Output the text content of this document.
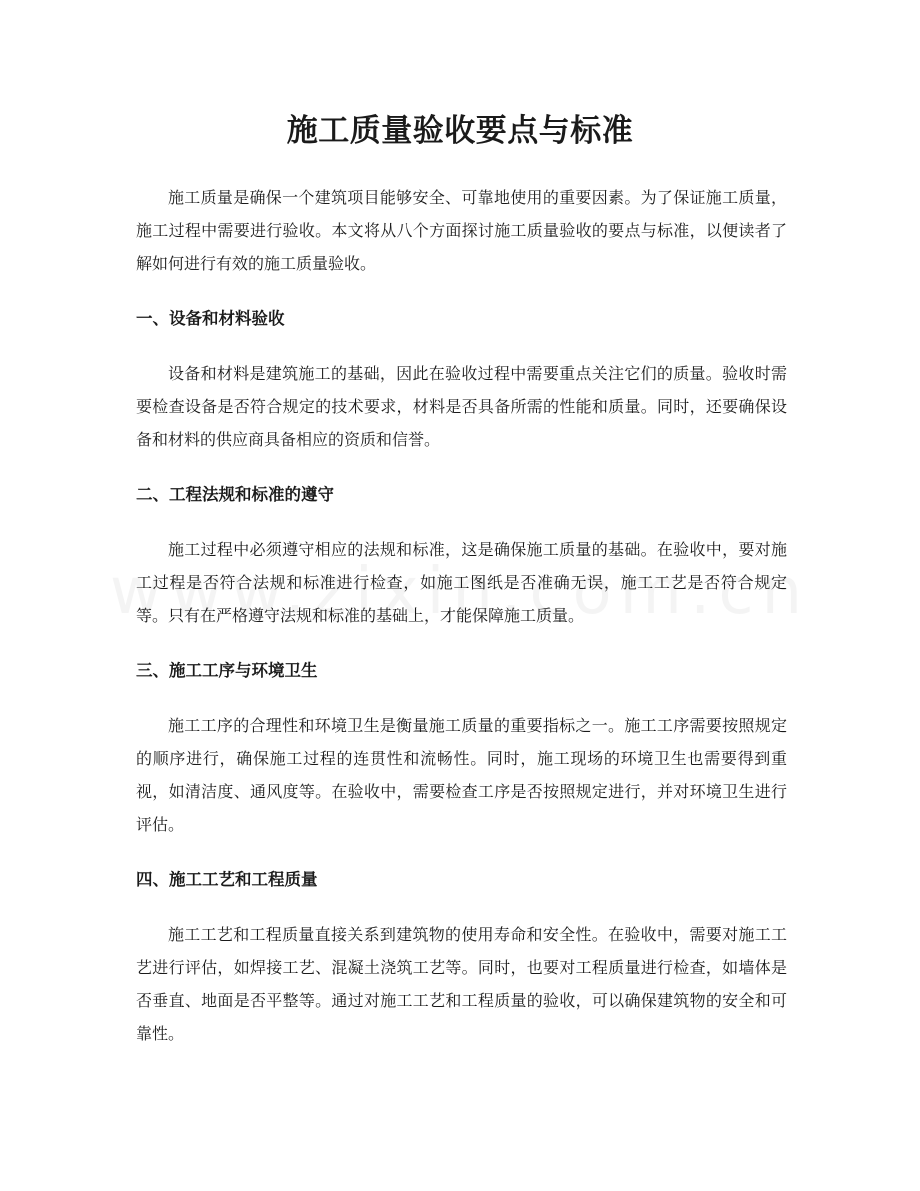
施工质量验收要点与标准

施工质量是确保一个建筑项目能够安全、可靠地使用的重要因素。为了保证施工质量，施工过程中需要进行验收。本文将从八个方面探讨施工质量验收的要点与标准，以便读者了解如何进行有效的施工质量验收。

一、设备和材料验收

设备和材料是建筑施工的基础，因此在验收过程中需要重点关注它们的质量。验收时需要检查设备是否符合规定的技术要求，材料是否具备所需的性能和质量。同时，还要确保设备和材料的供应商具备相应的资质和信誉。

二、工程法规和标准的遵守

施工过程中必须遵守相应的法规和标准，这是确保施工质量的基础。在验收中，要对施工过程是否符合法规和标准进行检查，如施工图纸是否准确无误，施工工艺是否符合规定等。只有在严格遵守法规和标准的基础上，才能保障施工质量。

三、施工工序与环境卫生

施工工序的合理性和环境卫生是衡量施工质量的重要指标之一。施工工序需要按照规定的顺序进行，确保施工过程的连贯性和流畅性。同时，施工现场的环境卫生也需要得到重视，如清洁度、通风度等。在验收中，需要检查工序是否按照规定进行，并对环境卫生进行评估。

四、施工工艺和工程质量

施工工艺和工程质量直接关系到建筑物的使用寿命和安全性。在验收中，需要对施工工艺进行评估，如焊接工艺、混凝土浇筑工艺等。同时，也要对工程质量进行检查，如墙体是否垂直、地面是否平整等。通过对施工工艺和工程质量的验收，可以确保建筑物的安全和可靠性。
